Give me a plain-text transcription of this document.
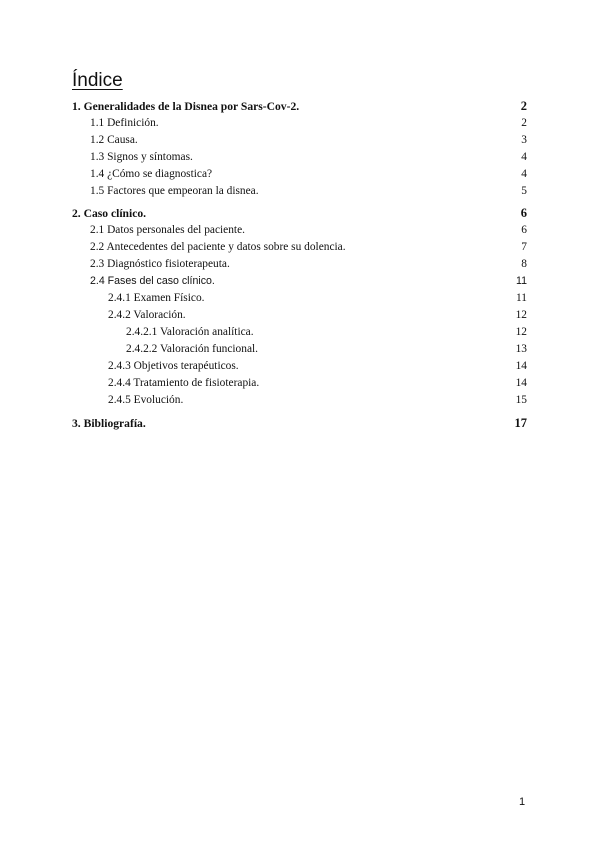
Índice
1. Generalidades de la Disnea por Sars-Cov-2.	2
1.1 Definición.	2
1.2 Causa.	3
1.3 Signos y síntomas.	4
1.4 ¿Cómo se diagnostica?	4
1.5 Factores que empeoran la disnea.	5
2. Caso clínico.	6
2.1 Datos personales del paciente.	6
2.2 Antecedentes del paciente y datos sobre su dolencia.	7
2.3 Diagnóstico fisioterapeuta.	8
2.4 Fases del caso clínico.	11
2.4.1 Examen Físico.	11
2.4.2 Valoración.	12
2.4.2.1 Valoración analítica.	12
2.4.2.2 Valoración funcional.	13
2.4.3 Objetivos terapéuticos.	14
2.4.4 Tratamiento de fisioterapia.	14
2.4.5 Evolución.	15
3. Bibliografía.	17
1
